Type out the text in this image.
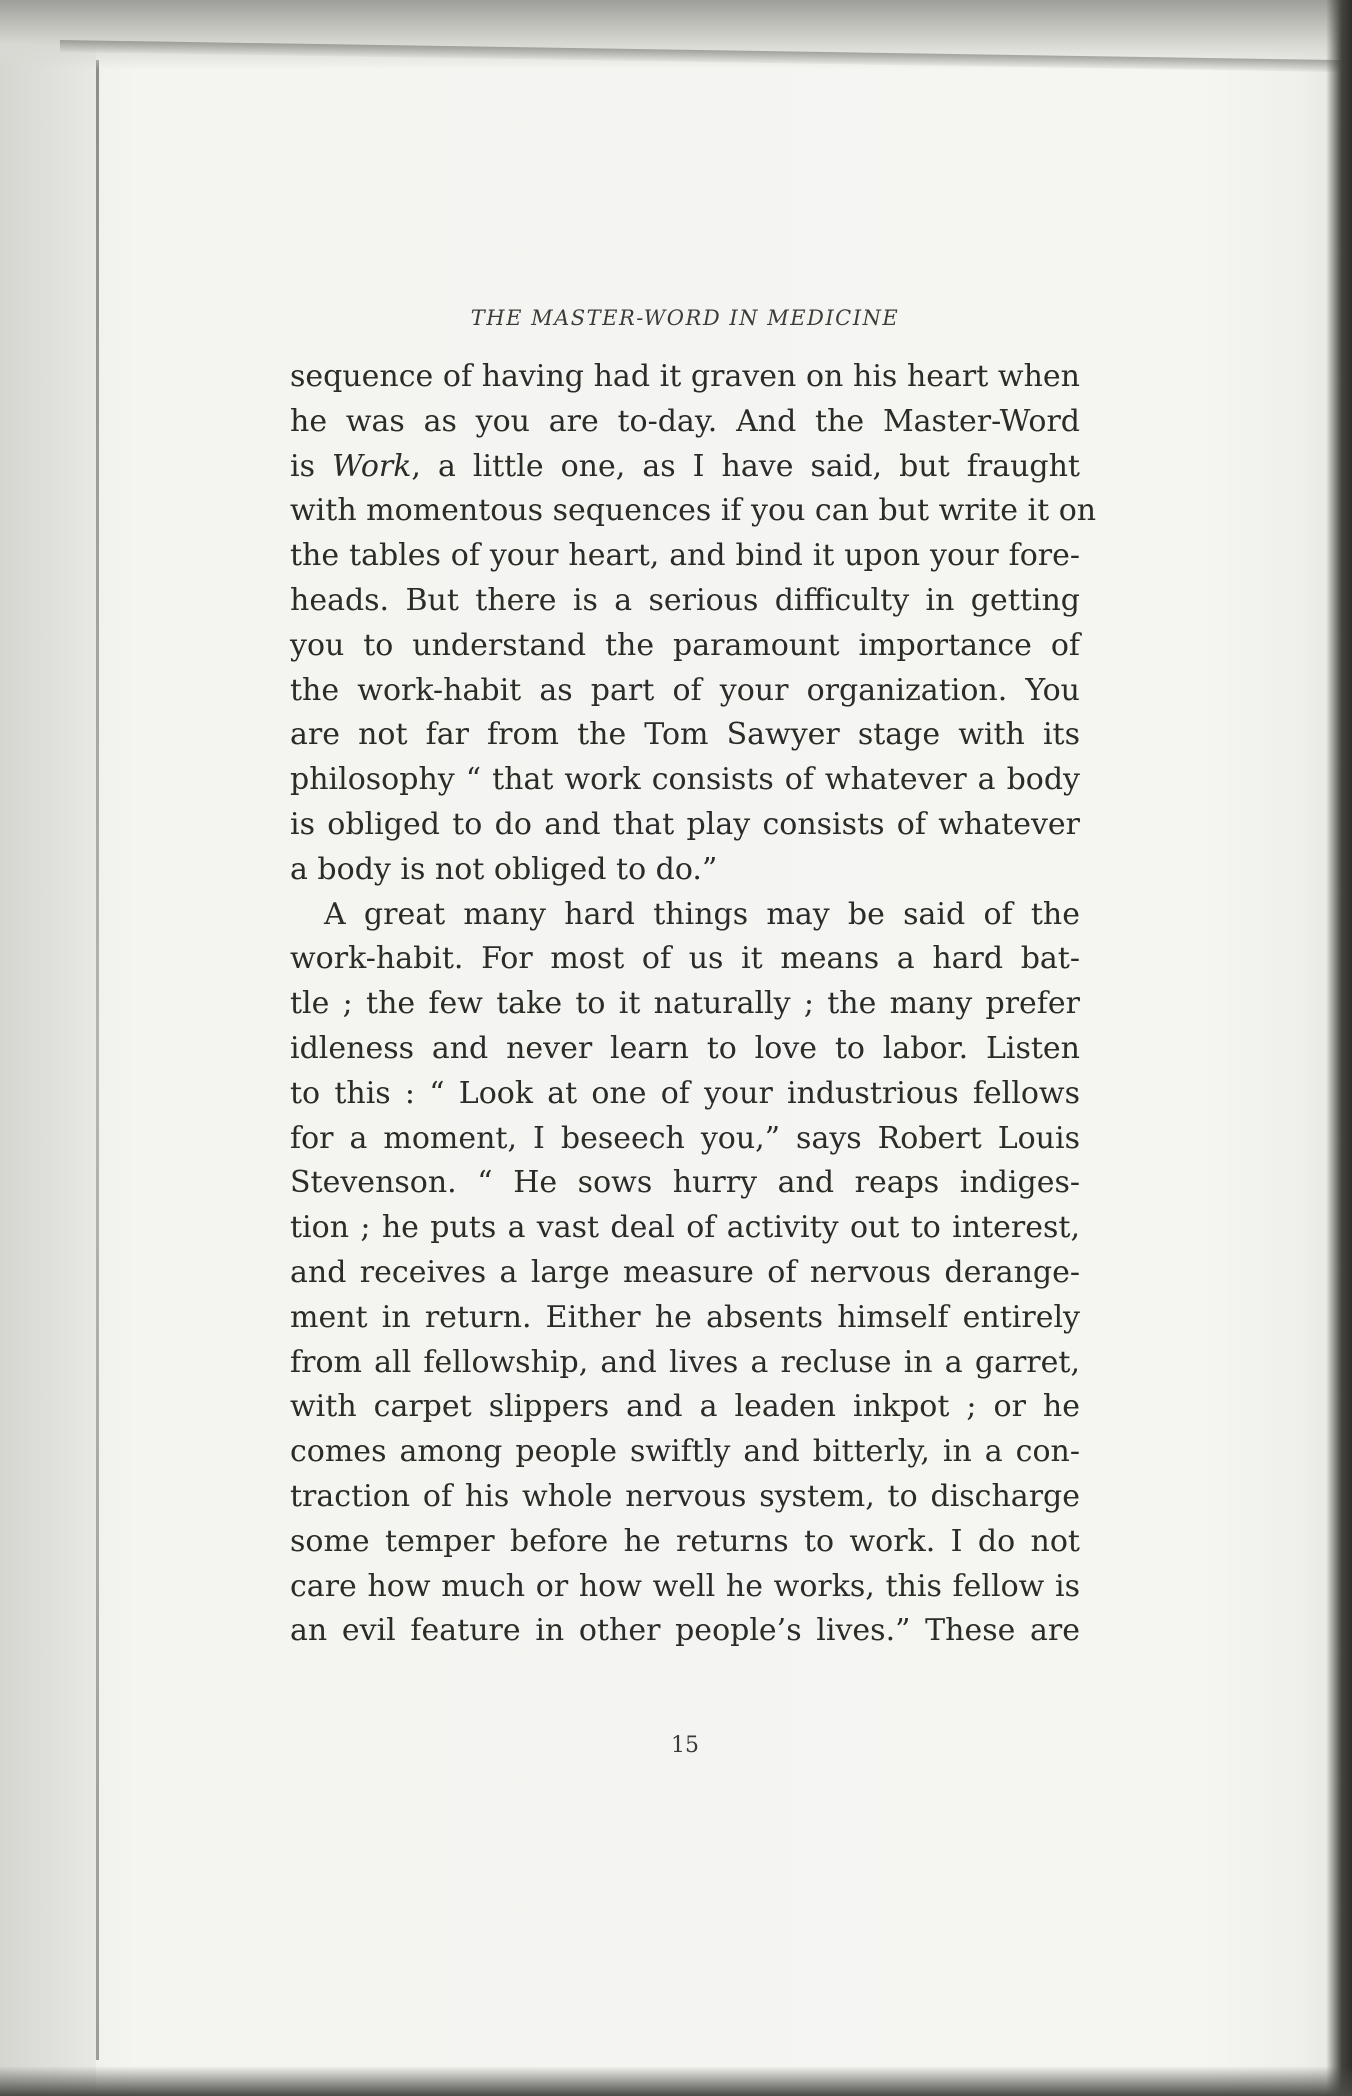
THE MASTER-WORD IN MEDICINE

sequence of having had it graven on his heart when
he was as you are to-day. And the Master-Word
is Work, a little one, as I have said, but fraught
with momentous sequences if you can but write it on
the tables of your heart, and bind it upon your fore-
heads. But there is a serious difficulty in getting
you to understand the paramount importance of
the work-habit as part of your organization. You
are not far from the Tom Sawyer stage with its
philosophy “ that work consists of whatever a body
is obliged to do and that play consists of whatever
a body is not obliged to do.”

A great many hard things may be said of the
work-habit. For most of us it means a hard bat-
tle ; the few take to it naturally ; the many prefer
idleness and never learn to love to labor. Listen
to this : “ Look at one of your industrious fellows
for a moment, I beseech you,” says Robert Louis
Stevenson. “ He sows hurry and reaps indiges-
tion ; he puts a vast deal of activity out to interest,
and receives a large measure of nervous derange-
ment in return. Either he absents himself entirely
from all fellowship, and lives a recluse in a garret,
with carpet slippers and a leaden inkpot ; or he
comes among people swiftly and bitterly, in a con-
traction of his whole nervous system, to discharge
some temper before he returns to work. I do not
care how much or how well he works, this fellow is
an evil feature in other people’s lives.” These are

15
